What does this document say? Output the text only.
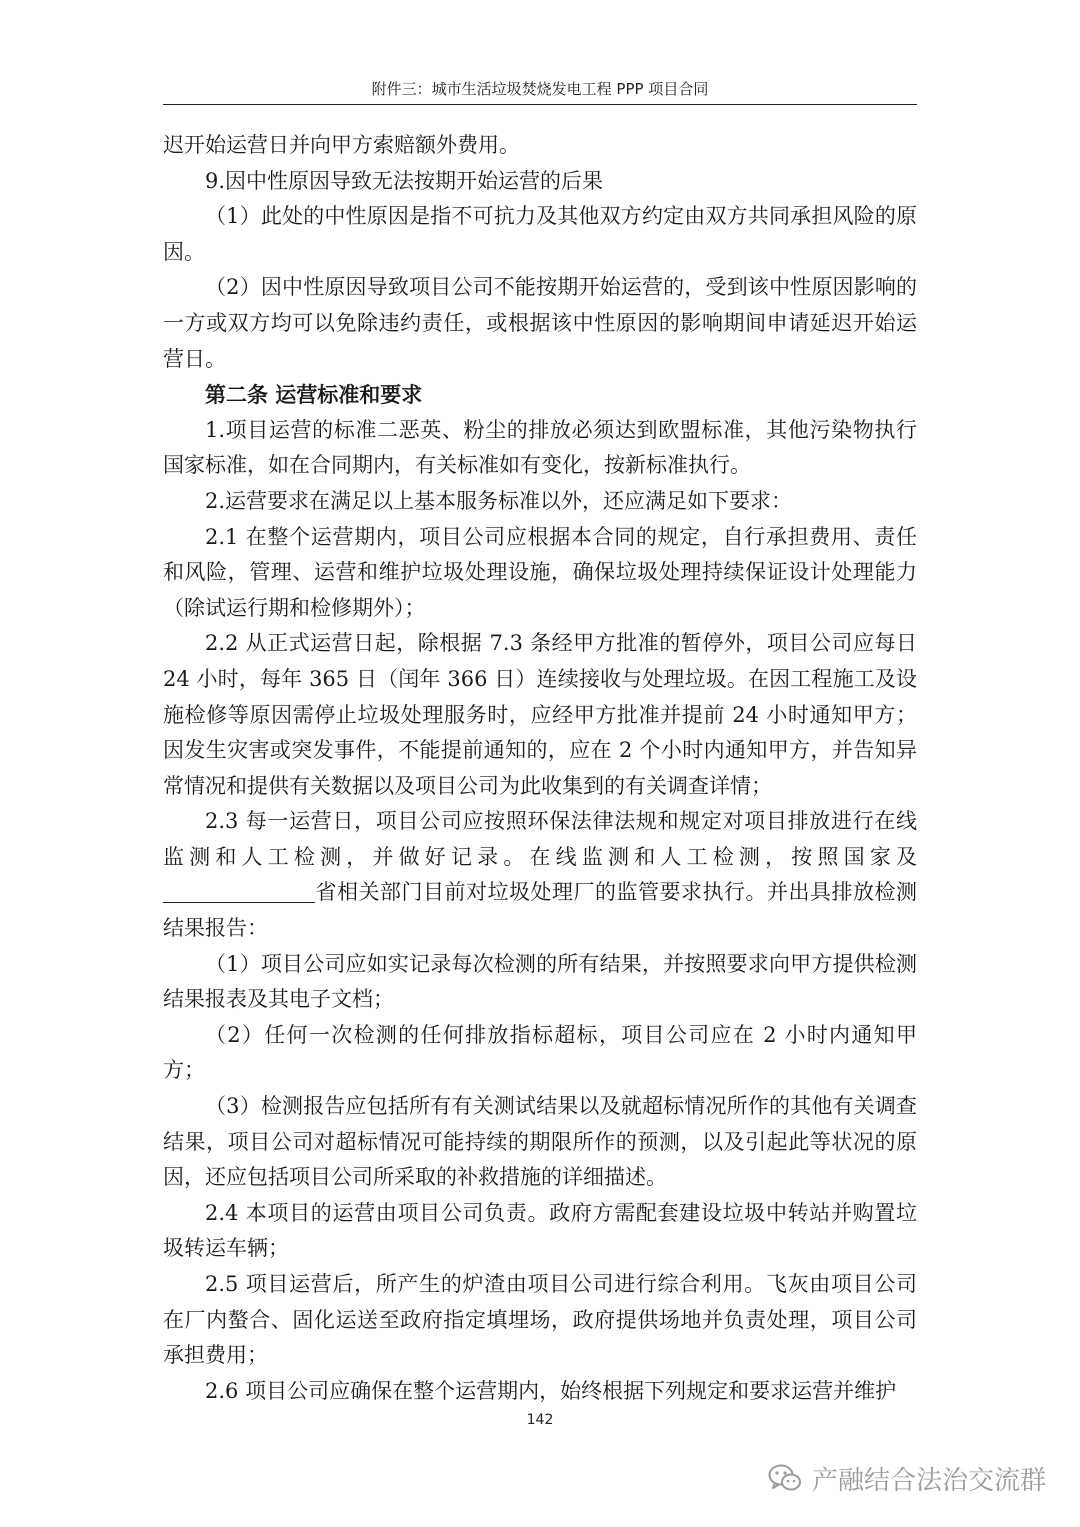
附件三：城市生活垃圾焚烧发电工程 PPP 项目合同

迟开始运营日并向甲方索赔额外费用。

9.因中性原因导致无法按期开始运营的后果

（1）此处的中性原因是指不可抗力及其他双方约定由双方共同承担风险的原因。

（2）因中性原因导致项目公司不能按期开始运营的，受到该中性原因影响的一方或双方均可以免除违约责任，或根据该中性原因的影响期间申请延迟开始运营日。

第二条 运营标准和要求

1.项目运营的标准二恶英、粉尘的排放必须达到欧盟标准，其他污染物执行国家标准，如在合同期内，有关标准如有变化，按新标准执行。

2.运营要求在满足以上基本服务标准以外，还应满足如下要求：

2.1 在整个运营期内，项目公司应根据本合同的规定，自行承担费用、责任和风险，管理、运营和维护垃圾处理设施，确保垃圾处理持续保证设计处理能力（除试运行期和检修期外）；

2.2 从正式运营日起，除根据 7.3 条经甲方批准的暂停外，项目公司应每日 24 小时，每年 365 日（闰年 366 日）连续接收与处理垃圾。在因工程施工及设施检修等原因需停止垃圾处理服务时，应经甲方批准并提前 24 小时通知甲方；因发生灾害或突发事件，不能提前通知的，应在 2 个小时内通知甲方，并告知异常情况和提供有关数据以及项目公司为此收集到的有关调查详情；

2.3 每一运营日，项目公司应按照环保法律法规和规定对项目排放进行在线监测和人工检测，并做好记录。在线监测和人工检测，按照国家及省相关部门目前对垃圾处理厂的监管要求执行。并出具排放检测结果报告：

（1）项目公司应如实记录每次检测的所有结果，并按照要求向甲方提供检测结果报表及其电子文档；

（2）任何一次检测的任何排放指标超标，项目公司应在 2 小时内通知甲方；

（3）检测报告应包括所有有关测试结果以及就超标情况所作的其他有关调查结果，项目公司对超标情况可能持续的期限所作的预测，以及引起此等状况的原因，还应包括项目公司所采取的补救措施的详细描述。

2.4 本项目的运营由项目公司负责。政府方需配套建设垃圾中转站并购置垃圾转运车辆；

2.5 项目运营后，所产生的炉渣由项目公司进行综合利用。飞灰由项目公司在厂内螯合、固化运送至政府指定填埋场，政府提供场地并负责处理，项目公司承担费用；

2.6 项目公司应确保在整个运营期内，始终根据下列规定和要求运营并维护

142
产融结合法治交流群
